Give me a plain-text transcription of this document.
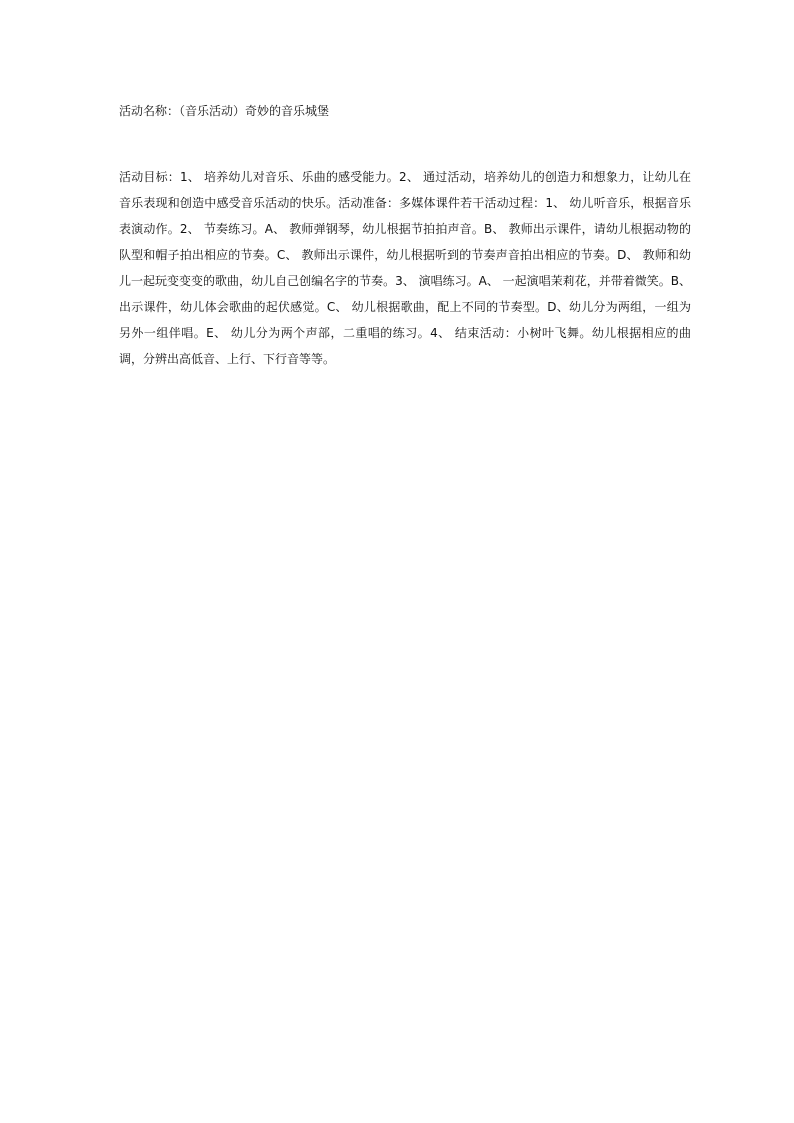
活动名称：（音乐活动）奇妙的音乐城堡

活动目标：1、 培养幼儿对音乐、乐曲的感受能力。2、 通过活动，培养幼儿的创造力和想象力，让幼儿在音乐表现和创造中感受音乐活动的快乐。活动准备：多媒体课件若干活动过程：1、 幼儿听音乐，根据音乐表演动作。2、 节奏练习。A、 教师弹钢琴，幼儿根据节拍拍声音。B、 教师出示课件，请幼儿根据动物的队型和帽子拍出相应的节奏。C、 教师出示课件，幼儿根据听到的节奏声音拍出相应的节奏。D、 教师和幼儿一起玩变变变的歌曲，幼儿自己创编名字的节奏。3、 演唱练习。A、 一起演唱茉莉花，并带着微笑。B、 出示课件，幼儿体会歌曲的起伏感觉。C、 幼儿根据歌曲，配上不同的节奏型。D、幼儿分为两组，一组为另外一组伴唱。E、 幼儿分为两个声部，二重唱的练习。4、 结束活动：小树叶飞舞。幼儿根据相应的曲调，分辨出高低音、上行、下行音等等。
